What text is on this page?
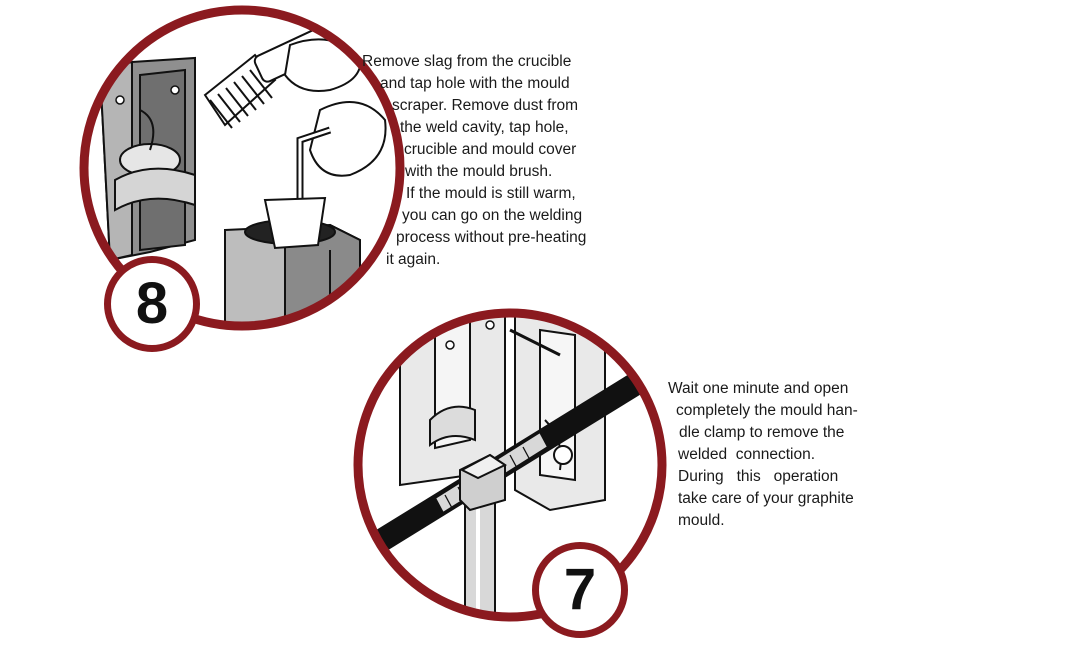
8
Remove slag from the crucible
and tap hole with the mould
scraper. Remove dust from
the weld cavity, tap hole,
crucible and mould cover
with the mould brush.
If the mould is still warm,
you can go on the welding
process without pre-heating
it again.
7
Wait one minute and open
completely the mould han-
dle clamp to remove the
welded  connection.
During   this   operation
take care of your graphite
mould.
